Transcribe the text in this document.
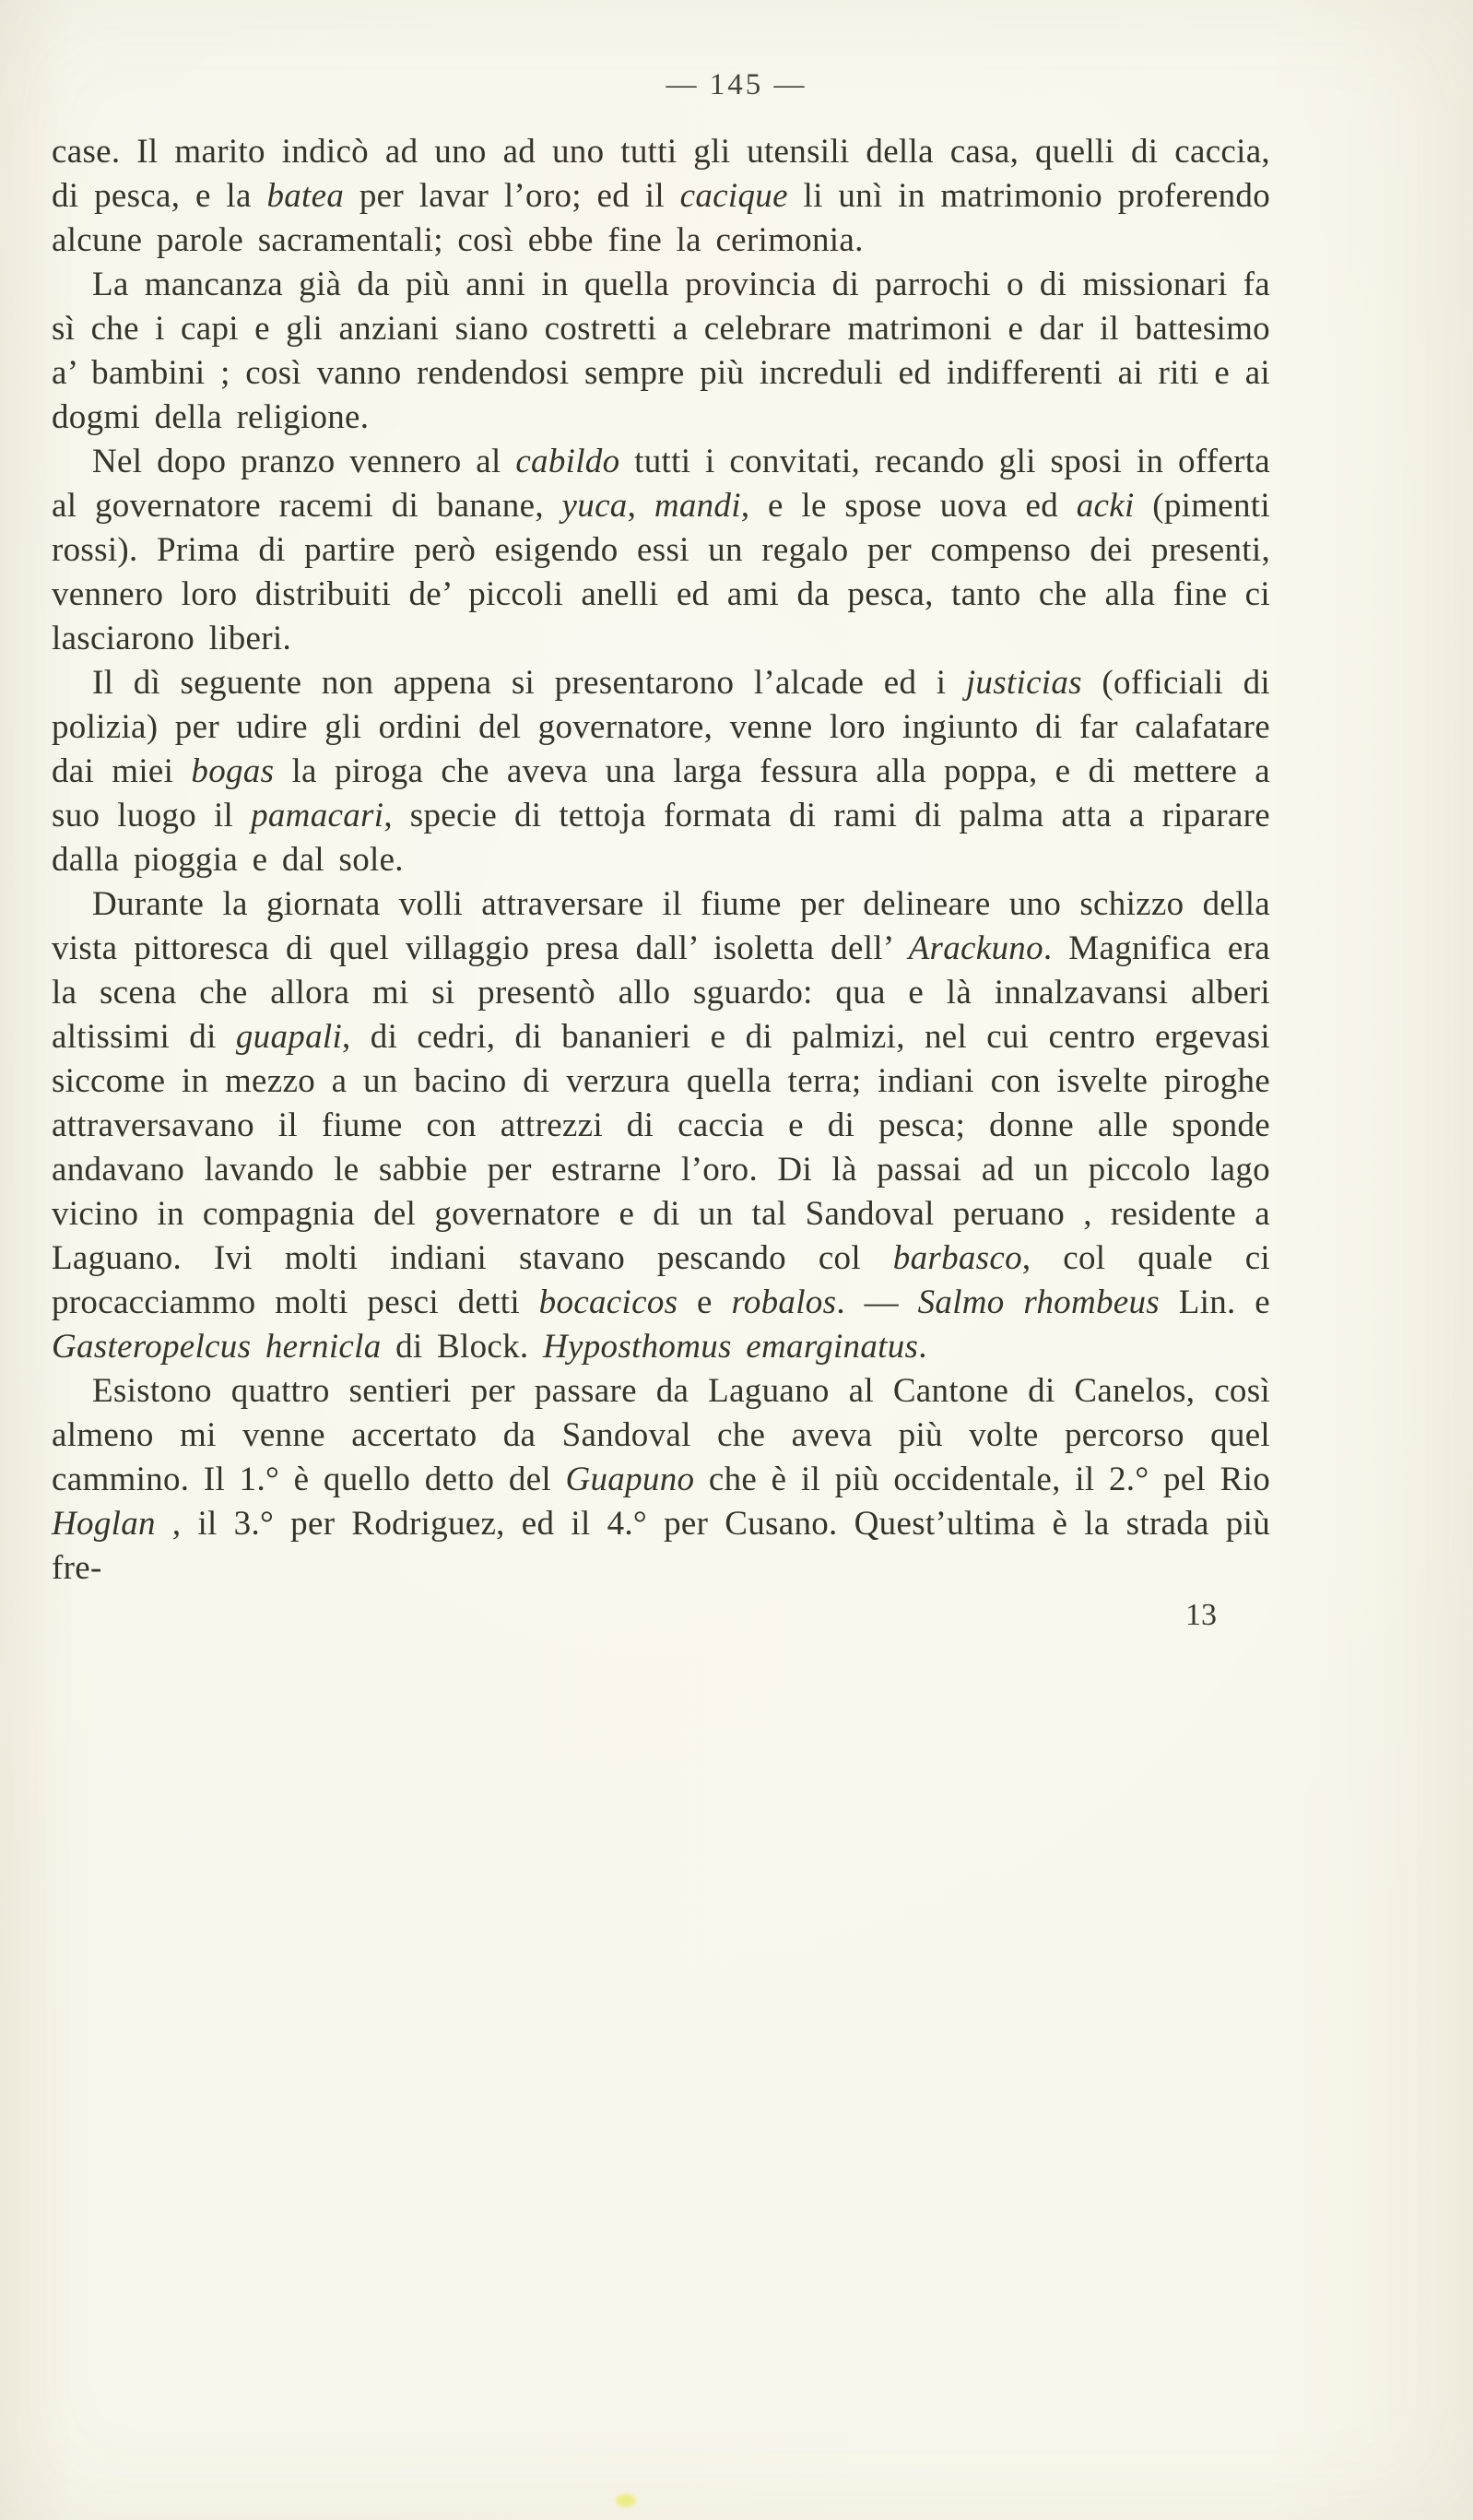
— 145 —

case. Il marito indicò ad uno ad uno tutti gli utensili della casa, quelli di caccia, di pesca, e la batea per lavar l’oro; ed il cacique li unì in matrimonio proferendo alcune parole sacramentali; così ebbe fine la cerimonia.

La mancanza già da più anni in quella provincia di parrochi o di missionari fa sì che i capi e gli anziani siano costretti a celebrare matrimoni e dar il battesimo a’ bambini ; così vanno rendendosi sempre più increduli ed indifferenti ai riti e ai dogmi della religione.

Nel dopo pranzo vennero al cabildo tutti i convitati, recando gli sposi in offerta al governatore racemi di banane, yuca, mandi, e le spose uova ed acki (pimenti rossi). Prima di partire però esigendo essi un regalo per compenso dei presenti, vennero loro distribuiti de’ piccoli anelli ed ami da pesca, tanto che alla fine ci lasciarono liberi.

Il dì seguente non appena si presentarono l’alcade ed i justicias (officiali di polizia) per udire gli ordini del governatore, venne loro ingiunto di far calafatare dai miei bogas la piroga che aveva una larga fessura alla poppa, e di mettere a suo luogo il pamacari, specie di tettoja formata di rami di palma atta a riparare dalla pioggia e dal sole.

Durante la giornata volli attraversare il fiume per delineare uno schizzo della vista pittoresca di quel villaggio presa dall’ isoletta dell’ Arackuno. Magnifica era la scena che allora mi si presentò allo sguardo: qua e là innalzavansi alberi altissimi di guapali, di cedri, di bananieri e di palmizi, nel cui centro ergevasi siccome in mezzo a un bacino di verzura quella terra; indiani con isvelte piroghe attraversavano il fiume con attrezzi di caccia e di pesca; donne alle sponde andavano lavando le sabbie per estrarne l’oro. Di là passai ad un piccolo lago vicino in compagnia del governatore e di un tal Sandoval peruano , residente a Laguano. Ivi molti indiani stavano pescando col barbasco, col quale ci procacciammo molti pesci detti bocacicos e robalos. — Salmo rhombeus Lin. e Gasteropelcus hernicla di Block. Hyposthomus emarginatus.

Esistono quattro sentieri per passare da Laguano al Cantone di Canelos, così almeno mi venne accertato da Sandoval che aveva più volte percorso quel cammino. Il 1.° è quello detto del Guapuno che è il più occidentale, il 2.° pel Rio Hoglan , il 3.° per Rodriguez, ed il 4.° per Cusano. Quest’ultima è la strada più fre-

13
